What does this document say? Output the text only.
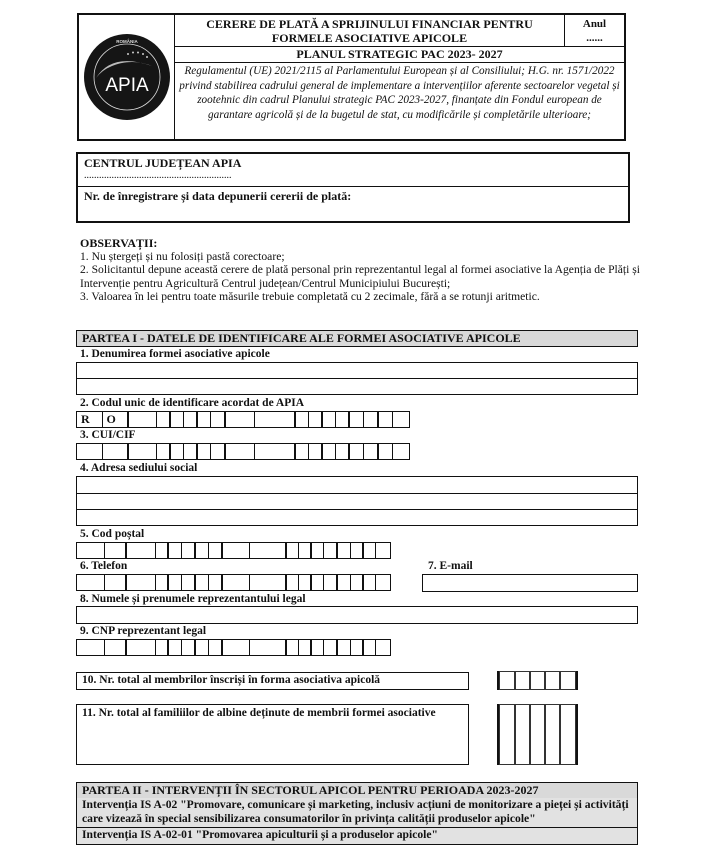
APIA
ROMÂNIA
CERERE DE PLATĂ A SPRIJINULUI FINANCIAR PENTRU
FORMELE ASOCIATIVE APICOLE
Anul
......
PLANUL STRATEGIC PAC 2023- 2027
Regulamentul (UE) 2021/2115 al Parlamentului European și al Consiliului; H.G. nr. 1571/2022 privind stabilirea cadrului general de implementare a intervențiilor aferente sectoarelor vegetal și zootehnic din cadrul Planului strategic PAC 2023-2027, finanțate din Fondul european de garantare agricolă și de la bugetul de stat, cu modificările și completările ulterioare;
CENTRUL JUDEȚEAN APIA
...........................................................
Nr. de înregistrare și data depunerii cererii de plată:

OBSERVAȚII:

1. Nu ștergeți și nu folosiți pastă corectoare;

2. Solicitantul depune această cerere de plată personal prin reprezentantul legal al formei asociative la Agenția de Plăți și Intervenție pentru Agricultură Centrul județean/Centrul Municipiului București;

3. Valoarea în lei pentru toate măsurile trebuie completată cu 2 zecimale, fără a se rotunji aritmetic.

PARTEA I - DATELE DE IDENTIFICARE ALE FORMEI ASOCIATIVE APICOLE
1. Denumirea formei asociative apicole
2. Codul unic de identificare acordat de APIA
R	O
3. CUI/CIF
4. Adresa sediului social
5. Cod poștal
6. Telefon	7. E-mail
8. Numele și prenumele reprezentantului legal
9. CNP reprezentant legal
10. Nr. total al membrilor înscriși în forma asociativa apicolă
11. Nr. total al familiilor de albine deținute de membrii formei asociative
PARTEA II - INTERVENȚII ÎN SECTORUL APICOL PENTRU PERIOADA 2023-2027
Intervenția IS A-02 "Promovare, comunicare și marketing, inclusiv acțiuni de monitorizare a pieței și activități care vizează în special sensibilizarea consumatorilor în privința calității produselor apicole"
Intervenția IS A-02-01 "Promovarea apiculturii și a produselor apicole"
